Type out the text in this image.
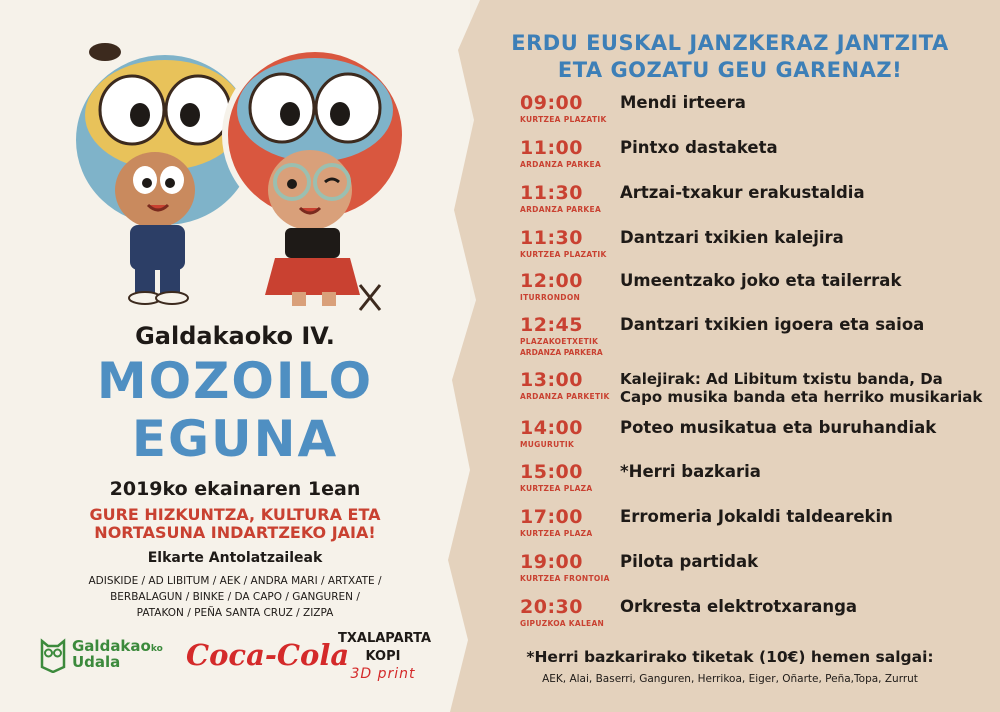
Galdakaoko IV.
MOZOILO
EGUNA
2019ko ekainaren 1ean
GURE HIZKUNTZA, KULTURA ETA
NORTASUNA INDARTZEKO JAIA!
Elkarte Antolatzaileak
ADISKIDE / AD LIBITUM / AEK / ANDRA MARI / ARTXATE /
BERBALAGUN / BINKE / DA CAPO / GANGUREN /
PATAKON / PEÑA SANTA CRUZ / ZIZPA
Galdakaoko
Udala	Coca-Cola
TXALAPARTA
KOPI
3D print
ERDU EUSKAL JANZKERAZ JANTZITA
ETA GOZATU GEU GARENAZ!
09:00
KURTZEA PLAZATIK
Mendi irteera
11:00
ARDANZA PARKEA
Pintxo dastaketa
11:30
ARDANZA PARKEA
Artzai-txakur erakustaldia
11:30
KURTZEA PLAZATIK
Dantzari txikien kalejira
12:00
ITURRONDON
Umeentzako joko eta tailerrak
12:45
PLAZAKOETXETIK
ARDANZA PARKERA
Dantzari txikien igoera eta saioa
13:00
ARDANZA PARKETIK
Kalejirak: Ad Libitum txistu banda, Da Capo musika banda eta herriko musikariak
14:00
MUGURUTIK
Poteo musikatua eta buruhandiak
15:00
KURTZEA PLAZA
*Herri bazkaria
17:00
KURTZEA PLAZA
Erromeria Jokaldi taldearekin
19:00
KURTZEA FRONTOIA
Pilota partidak
20:30
GIPUZKOA KALEAN
Orkresta elektrotxaranga
*Herri bazkarirako tiketak (10€) hemen salgai:
AEK, Alai, Baserri, Ganguren, Herrikoa, Eiger, Oñarte, Peña,Topa, Zurrut
